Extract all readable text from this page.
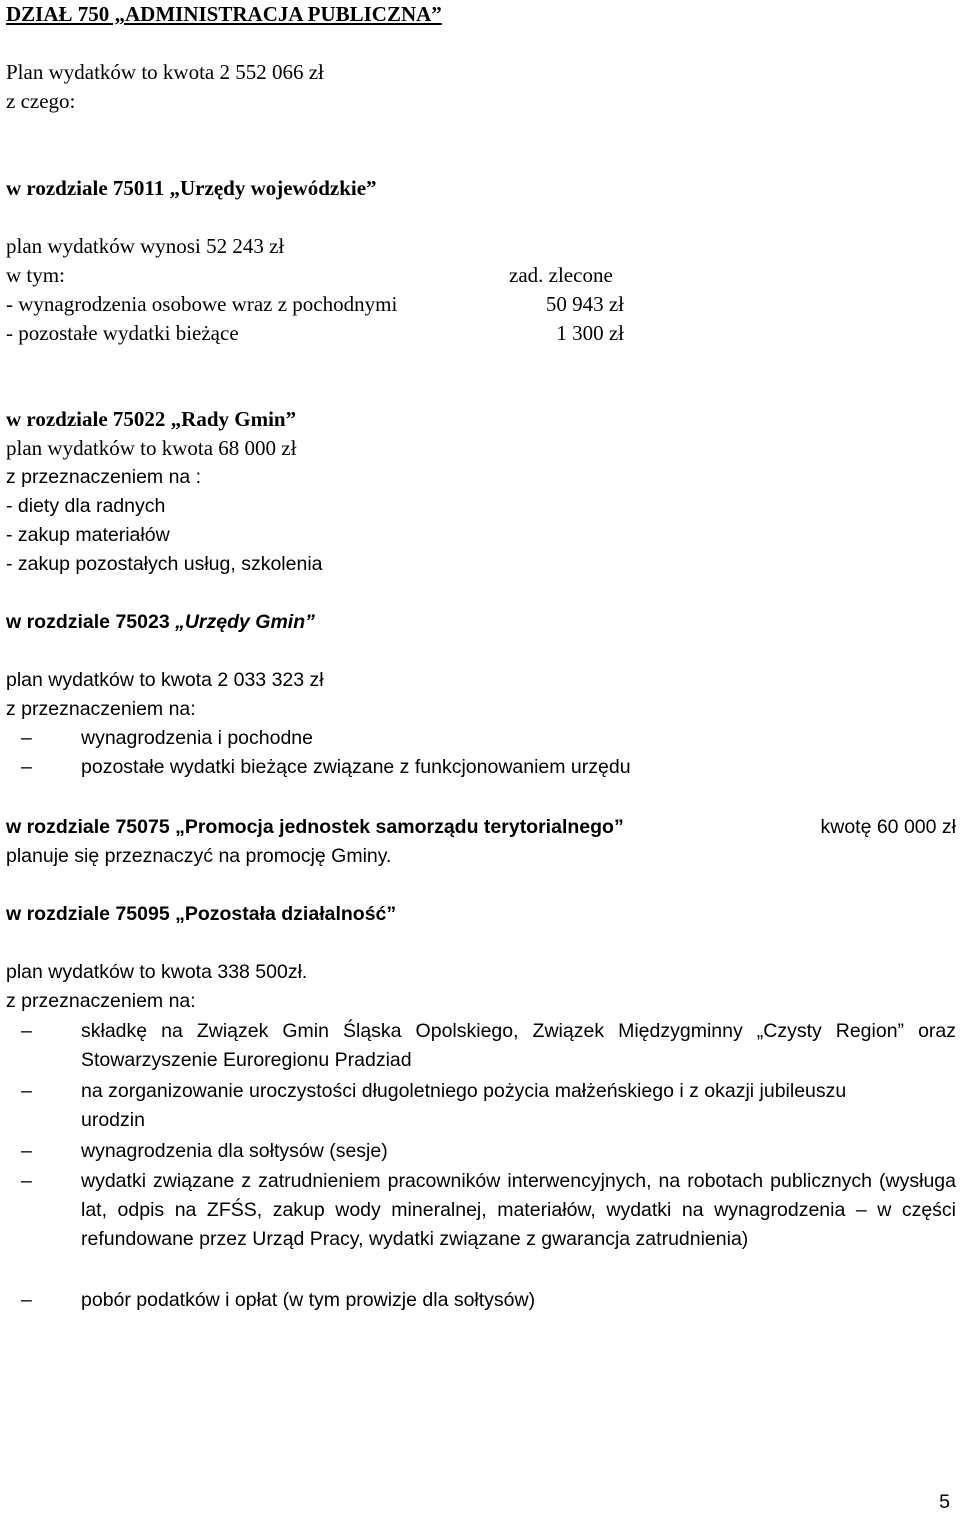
DZIAŁ 750 „ADMINISTRACJA PUBLICZNA”
Plan wydatków to kwota 2 552 066 zł
z czego:
w rozdziale 75011 „Urzędy wojewódzkie”
plan wydatków wynosi 52 243 zł
w tym:	zad. zlecone
- wynagrodzenia osobowe wraz z pochodnymi	50 943 zł
- pozostałe wydatki bieżące	1 300 zł
w rozdziale 75022 „Rady Gmin”
plan wydatków to kwota 68 000 zł
z przeznaczeniem na :
- diety dla radnych
- zakup materiałów
- zakup pozostałych usług, szkolenia
w rozdziale 75023 „Urzędy Gmin”
plan wydatków to kwota 2 033 323 zł
z przeznaczeniem na:
–	wynagrodzenia i pochodne
–	pozostałe wydatki bieżące związane z funkcjonowaniem urzędu
w rozdziale 75075 „Promocja jednostek samorządu terytorialnego”	kwotę 60 000 zł
planuje się przeznaczyć na promocję Gminy.
w rozdziale 75095 „Pozostała działalność”
plan wydatków to kwota 338 500zł.
z przeznaczeniem na:
–	składkę na Związek Gmin Śląska Opolskiego, Związek Międzygminny „Czysty Region” oraz Stowarzyszenie Euroregionu Pradziad
–	na zorganizowanie uroczystości długoletniego pożycia małżeńskiego i z okazji jubileuszu urodzin
–	wynagrodzenia dla sołtysów (sesje)
–	wydatki związane z zatrudnieniem pracowników interwencyjnych, na robotach publicznych (wysługa lat, odpis na ZFŚS, zakup wody mineralnej, materiałów, wydatki na wynagrodzenia – w części refundowane przez Urząd Pracy, wydatki związane z gwarancja zatrudnienia)
–	pobór podatków i opłat (w tym prowizje dla sołtysów)
5
